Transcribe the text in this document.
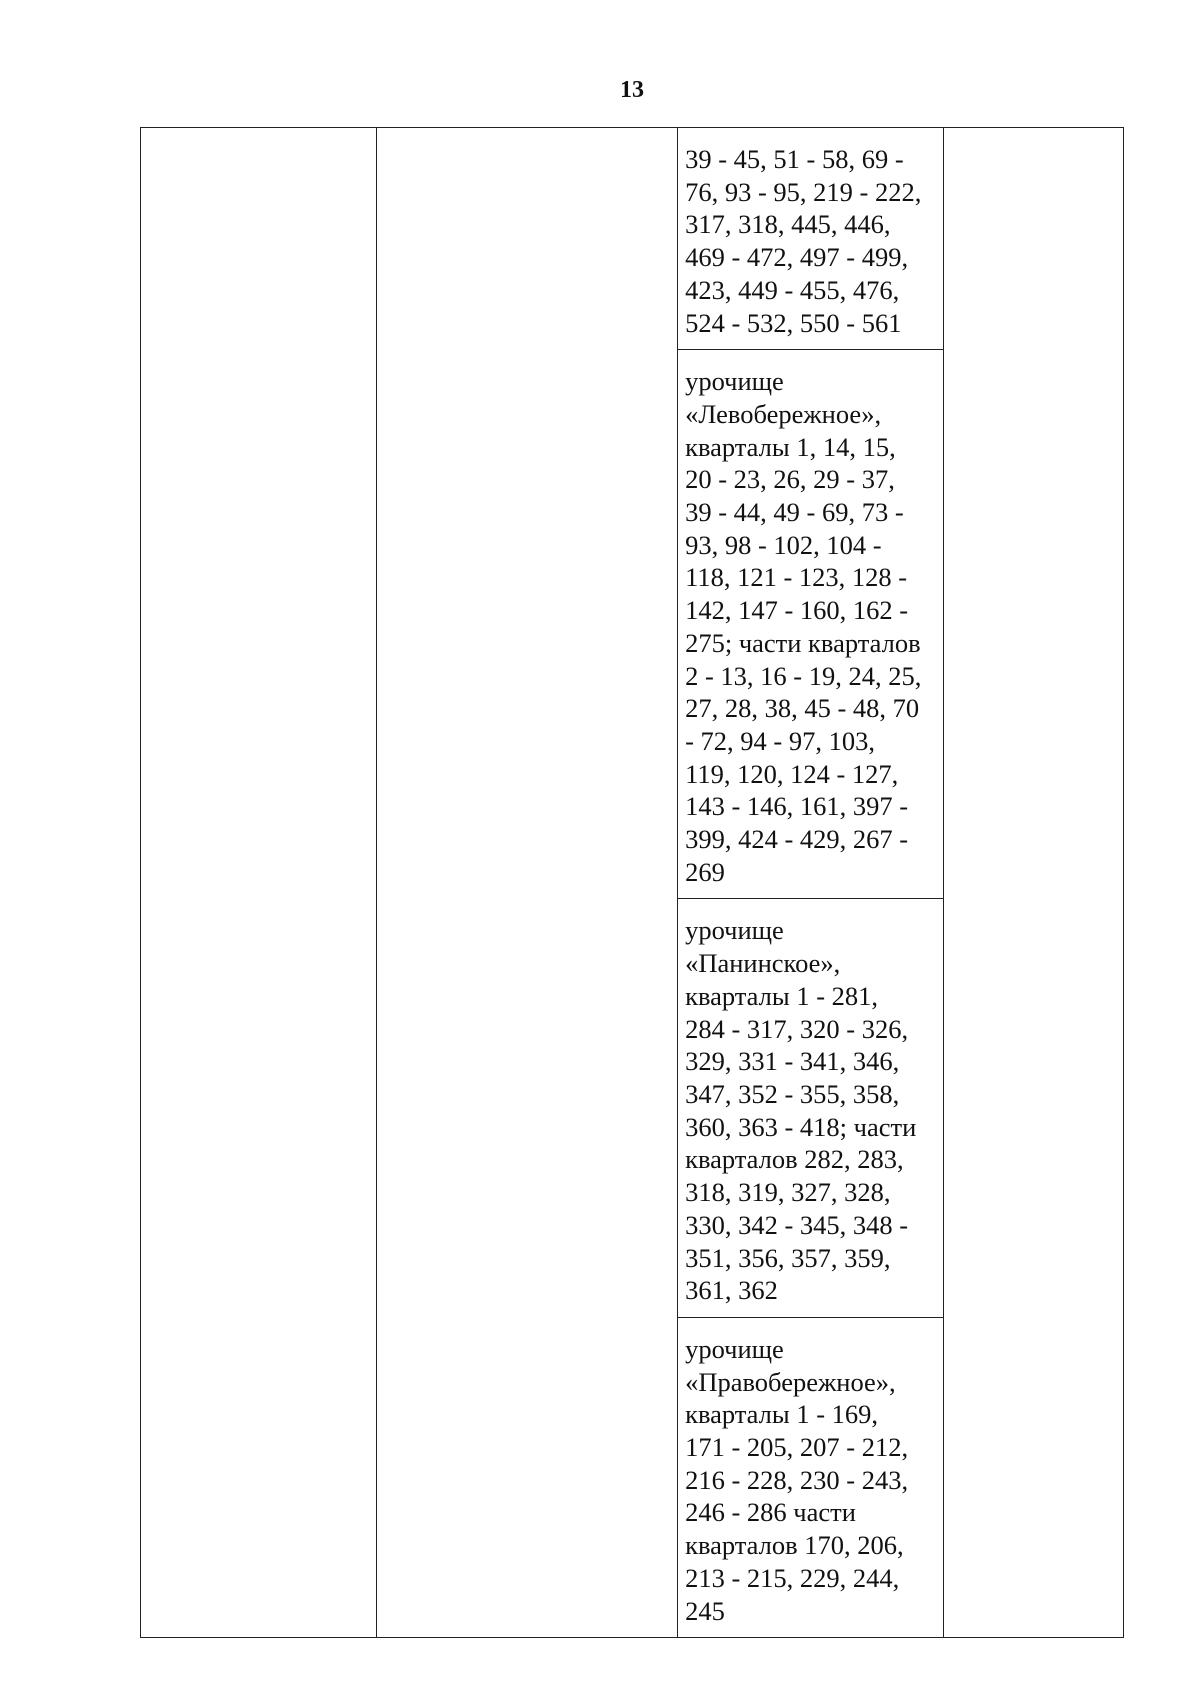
13

39 - 45, 51 - 58, 69 -
76, 93 - 95, 219 - 222,
317, 318, 445, 446,
469 - 472, 497 - 499,
423, 449 - 455, 476,
524 - 532, 550 - 561

урочище
«Левобережное»,
кварталы 1, 14, 15,
20 - 23, 26, 29 - 37,
39 - 44, 49 - 69, 73 -
93, 98 - 102, 104 -
118, 121 - 123, 128 -
142, 147 - 160, 162 -
275; части кварталов
2 - 13, 16 - 19, 24, 25,
27, 28, 38, 45 - 48, 70
- 72, 94 - 97, 103,
119, 120, 124 - 127,
143 - 146, 161, 397 -
399, 424 - 429, 267 -
269

урочище
«Панинское»,
кварталы 1 - 281,
284 - 317, 320 - 326,
329, 331 - 341, 346,
347, 352 - 355, 358,
360, 363 - 418; части
кварталов 282, 283,
318, 319, 327, 328,
330, 342 - 345, 348 -
351, 356, 357, 359,
361, 362

урочище
«Правобережное»,
кварталы 1 - 169,
171 - 205, 207 - 212,
216 - 228, 230 - 243,
246 - 286 части
кварталов 170, 206,
213 - 215, 229, 244,
245
